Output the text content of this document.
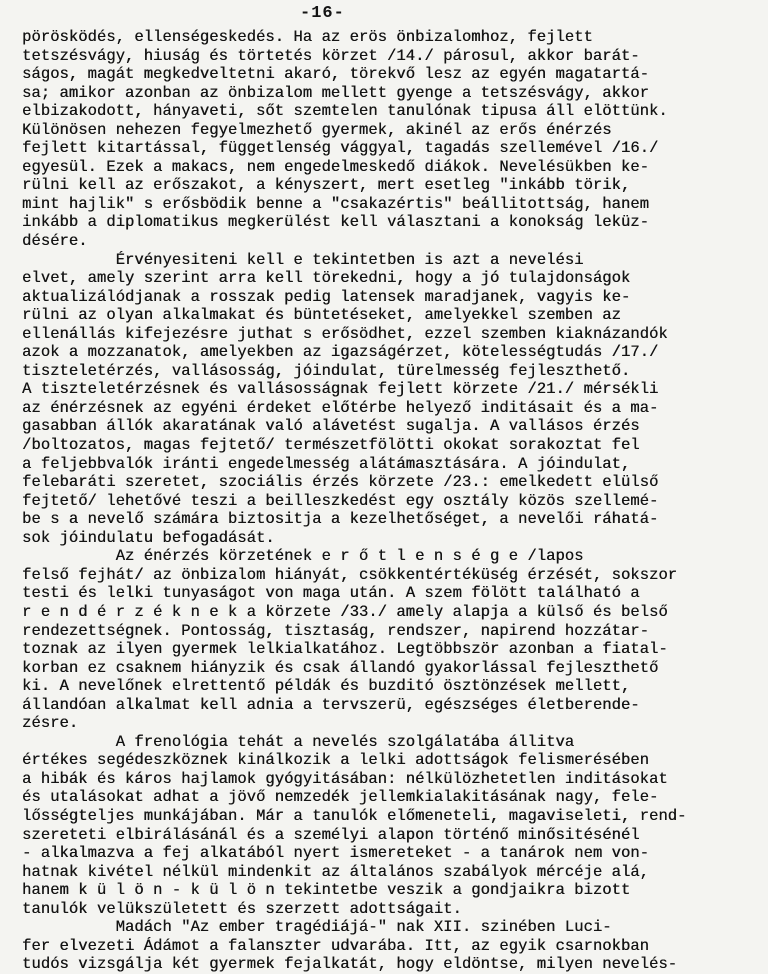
-16-
pörösködés, ellenségeskedés. Ha az erös önbizalomhoz, fejlett
tetszésvágy, hiuság és törtetés körzet /14./ párosul, akkor barát-
ságos, magát megkedveltetni akaró, törekvő lesz az egyén magatartá-
sa; amikor azonban az önbizalom mellett gyenge a tetszésvágy, akkor
elbizakodott, hányaveti, sőt szemtelen tanulónak tipusa áll elöttünk.
Különösen nehezen fegyelmezhető gyermek, akinél az erős énérzés
fejlett kitartással, függetlenség vággyal, tagadás szellemével /16./
egyesül. Ezek a makacs, nem engedelmeskedő diákok. Nevelésükben ke-
rülni kell az erőszakot, a kényszert, mert esetleg "inkább törik,
mint hajlik" s erősbödik benne a "csakazértis" beállitottság, hanem
inkább a diplomatikus megkerülést kell választani a konokság leküz-
désére.
Érvényesiteni kell e tekintetben is azt a nevelési
elvet, amely szerint arra kell törekedni, hogy a jó tulajdonságok
aktualizálódjanak a rosszak pedig latensek maradjanek, vagyis ke-
rülni az olyan alkalmakat és büntetéseket, amelyekkel szemben az
ellenállás kifejezésre juthat s erősödhet, ezzel szemben kiaknázandók
azok a mozzanatok, amelyekben az igazságérzet, kötelességtudás /17./
tiszteletérzés, vallásosság, jóindulat, türelmesség fejleszthető.
A tiszteletérzésnek és vallásosságnak fejlett körzete /21./ mérsékli
az énérzésnek az egyéni érdeket előtérbe helyező inditásait és a ma-
gasabban állók akaratának való alávetést sugalja. A vallásos érzés
/boltozatos, magas fejtető/ természetfölötti okokat sorakoztat fel
a feljebbvalók iránti engedelmesség alátámasztására. A jóindulat,
felebaráti szeretet, szociális érzés körzete /23.: emelkedett elülső
fejtető/ lehetővé teszi a beilleszkedést egy osztály közös szellemé-
be s a nevelő számára biztositja a kezelhetőséget, a nevelői ráhatá-
sok jóindulatu befogadását.
Az énérzés körzetének e r ő t l e n s é g e /lapos
felső fejhát/ az önbizalom hiányát, csökkentértéküség érzését, sokszor
testi és lelki tunyaságot von maga után. A szem fölött található a
r e n d é r z é k n e k a körzete /33./ amely alapja a külső és belső
rendezettségnek. Pontosság, tisztaság, rendszer, napirend hozzátar-
toznak az ilyen gyermek lelkialkatához. Legtöbbször azonban a fiatal-
korban ez csaknem hiányzik és csak állandó gyakorlással fejleszthető
ki. A nevelőnek elrettentő példák és buzditó ösztönzések mellett,
állandóan alkalmat kell adnia a tervszerü, egészséges életberende-
zésre.
A frenológia tehát a nevelés szolgálatába állitva
értékes segédeszköznek kinálkozik a lelki adottságok felismerésében
a hibák és káros hajlamok gyógyitásában: nélkülözhetetlen inditásokat
és utalásokat adhat a jövő nemzedék jellemkialakitásának nagy, fele-
lősségteljes munkájában. Már a tanulók előmeneteli, magaviseleti, rend-
szereteti elbirálásánál és a személyi alapon történő minősitésénél
- alkalmazva a fej alkatából nyert ismereteket - a tanárok nem von-
hatnak kivétel nélkül mindenkit az általános szabályok mércéje alá,
hanem k ü l ö n - k ü l ö n tekintetbe veszik a gondjaikra bizott
tanulók velükszületett és szerzett adottságait.
Madách "Az ember tragédiájá-" nak XII. szinében Luci-
fer elvezeti Ádámot a falanszter udvarába. Itt, az egyik csarnokban
tudós vizsgálja két gyermek fejalkatát, hogy eldöntse, milyen nevelés-
